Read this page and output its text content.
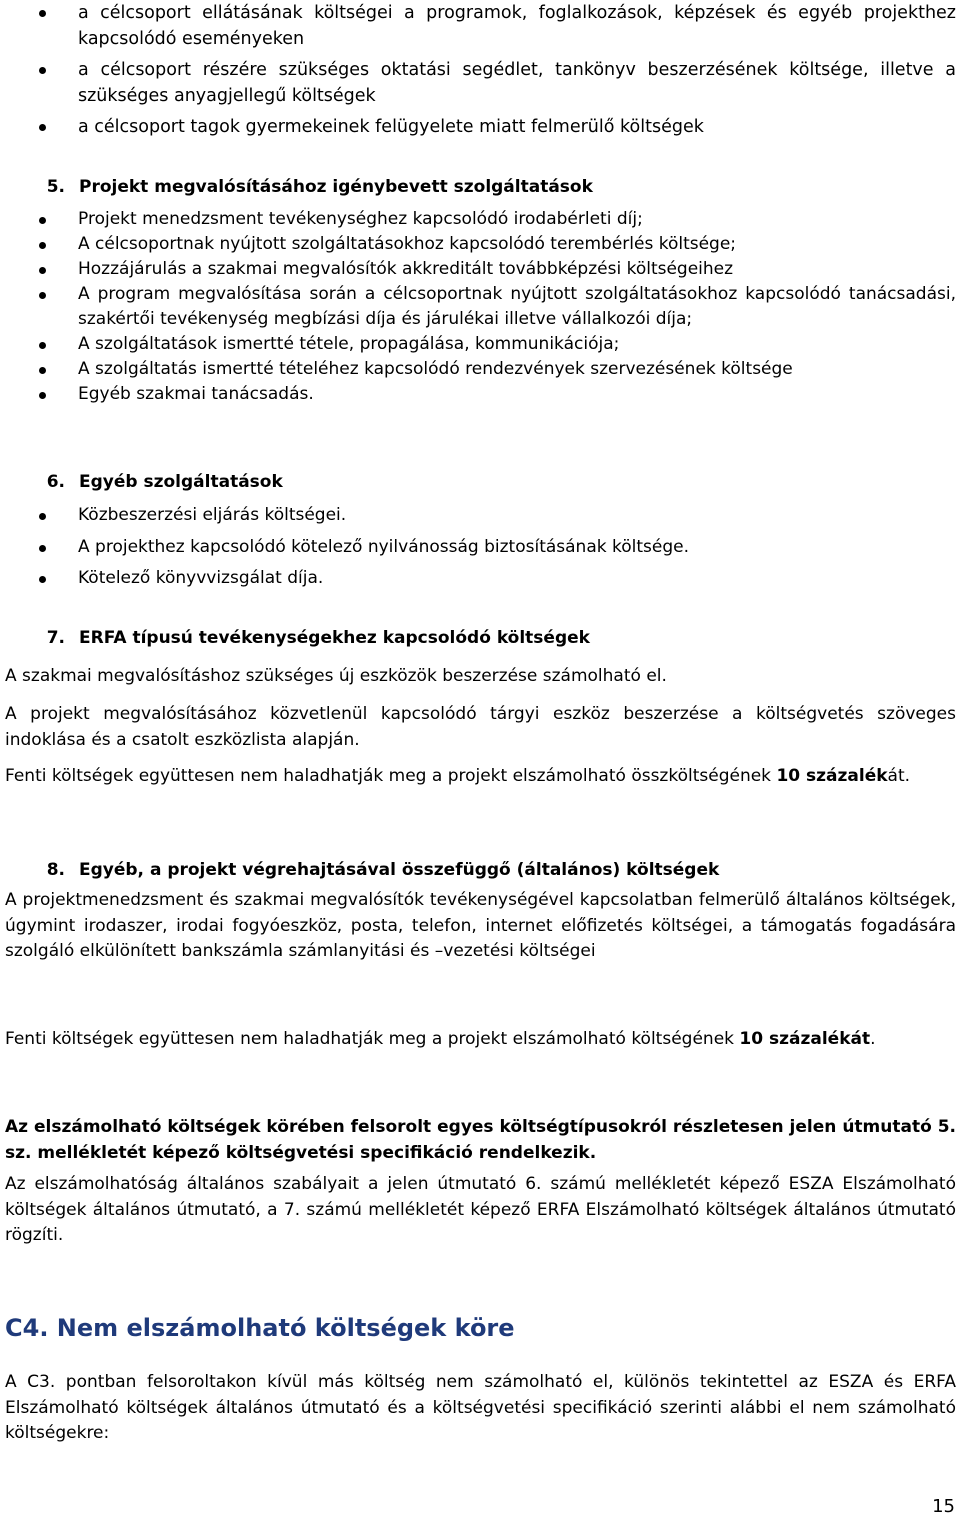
a célcsoport ellátásának költségei a programok, foglalkozások, képzések és egyéb projekthez kapcsolódó eseményeken
a célcsoport részére szükséges oktatási segédlet, tankönyv beszerzésének költsége, illetve a szükséges anyagjellegű költségek
a célcsoport tagok gyermekeinek felügyelete miatt felmerülő költségek
5. Projekt megvalósításához igénybevett szolgáltatások
Projekt menedzsment tevékenységhez kapcsolódó irodabérleti díj;
A célcsoportnak nyújtott szolgáltatásokhoz kapcsolódó terembérlés költsége;
Hozzájárulás a szakmai megvalósítók akkreditált továbbképzési költségeihez
A program megvalósítása során a célcsoportnak nyújtott szolgáltatásokhoz kapcsolódó tanácsadási, szakértői tevékenység megbízási díja és járulékai illetve vállalkozói díja;
A szolgáltatások ismertté tétele, propagálása, kommunikációja;
A szolgáltatás ismertté tételéhez kapcsolódó rendezvények szervezésének költsége
Egyéb szakmai tanácsadás.
6. Egyéb szolgáltatások
Közbeszerzési eljárás költségei.
A projekthez kapcsolódó kötelező nyilvánosság biztosításának költsége.
Kötelező könyvvizsgálat díja.
7. ERFA típusú tevékenységekhez kapcsolódó költségek

A szakmai megvalósításhoz szükséges új eszközök beszerzése számolható el.

A projekt megvalósításához közvetlenül kapcsolódó tárgyi eszköz beszerzése a költségvetés szöveges indoklása és a csatolt eszközlista alapján.

Fenti költségek együttesen nem haladhatják meg a projekt elszámolható összköltségének 10 százalékát.

8. Egyéb, a projekt végrehajtásával összefüggő (általános) költségek

A projektmenedzsment és szakmai megvalósítók tevékenységével kapcsolatban felmerülő általános költségek, úgymint irodaszer, irodai fogyóeszköz, posta, telefon, internet előfizetés költségei, a támogatás fogadására szolgáló elkülönített bankszámla számlanyitási és –vezetési költségei

Fenti költségek együttesen nem haladhatják meg a projekt elszámolható költségének 10 százalékát.

Az elszámolható költségek körében felsorolt egyes költségtípusokról részletesen jelen útmutató 5. sz. mellékletét képező költségvetési specifikáció rendelkezik.

Az elszámolhatóság általános szabályait a jelen útmutató 6. számú mellékletét képező ESZA Elszámolható költségek általános útmutató, a 7. számú mellékletét képező ERFA Elszámolható költségek általános útmutató rögzíti.

C4. Nem elszámolható költségek köre

A C3. pontban felsoroltakon kívül más költség nem számolható el, különös tekintettel az ESZA és ERFA Elszámolható költségek általános útmutató és a költségvetési specifikáció szerinti alábbi el nem számolható költségekre:

15
